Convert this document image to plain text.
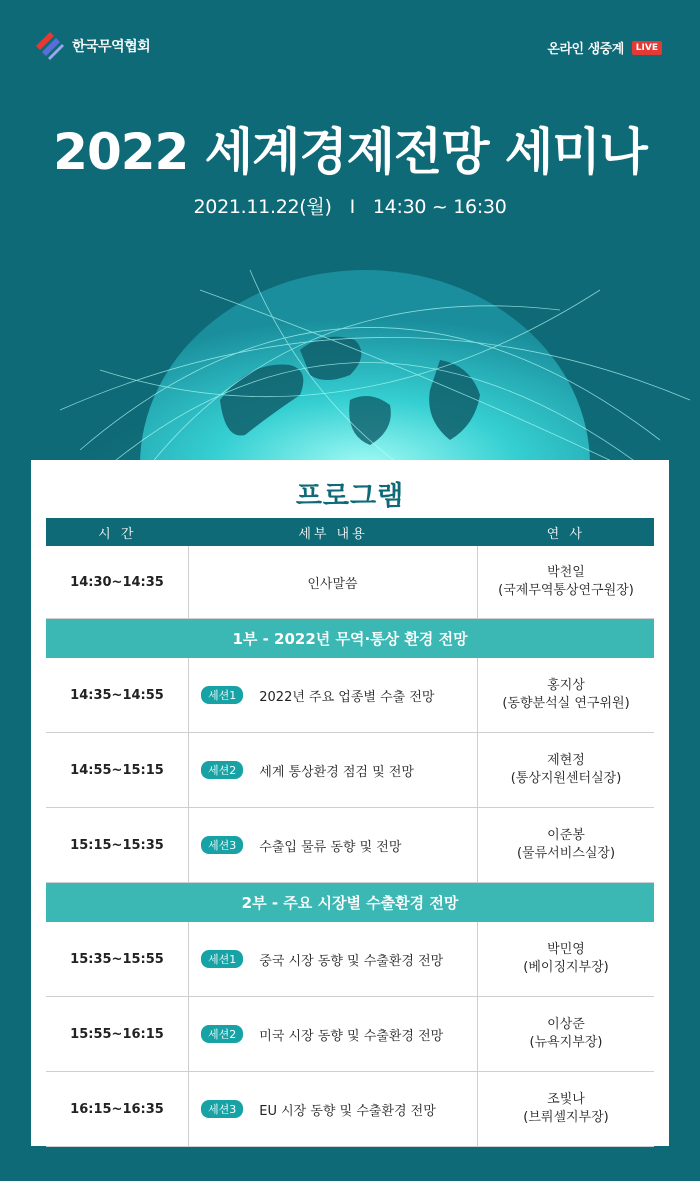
한국무역협회	온라인 생중계	LIVE
2022 세계경제전망 세미나
2021.11.22(월) I 14:30 ~ 16:30
프로그램
시 간	세부 내용	연 사
14:30~14:35	인사말씀	박천일
(국제무역통상연구원장)
1부 - 2022년 무역·통상 환경 전망		
14:35~14:55	세션1 2022년 주요 업종별 수출 전망	홍지상
(동향분석실 연구위원)
14:55~15:15	세션2 세계 통상환경 점검 및 전망	제현정
(통상지원센터실장)
15:15~15:35	세션3 수출입 물류 동향 및 전망	이준봉
(물류서비스실장)
2부 - 주요 시장별 수출환경 전망		
15:35~15:55	세션1 중국 시장 동향 및 수출환경 전망	박민영
(베이징지부장)
15:55~16:15	세션2 미국 시장 동향 및 수출환경 전망	이상준
(뉴욕지부장)
16:15~16:35	세션3 EU 시장 동향 및 수출환경 전망	조빛나
(브뤼셀지부장)
